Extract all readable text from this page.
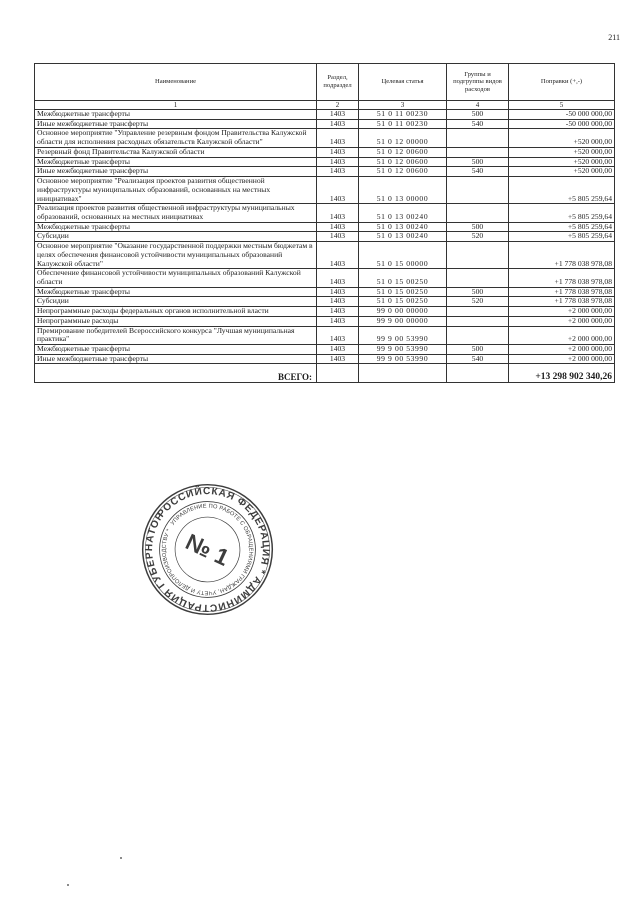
211
Наименование	Раздел, подраздел	Целевая статья	Группы и подгруппы видов расходов	Поправки (+,-)
1	2	3	4	5
Межбюджетные трансферты	1403	51 0 11 00230	500	-50 000 000,00
Иные межбюджетные трансферты	1403	51 0 11 00230	540	-50 000 000,00
Основное мероприятие "Управление резервным фондом Правительства Калужской области для исполнения расходных обязательств Калужской области"	1403	51 0 12 00000		+520 000,00
Резервный фонд Правительства Калужской области	1403	51 0 12 00600		+520 000,00
Межбюджетные трансферты	1403	51 0 12 00600	500	+520 000,00
Иные межбюджетные трансферты	1403	51 0 12 00600	540	+520 000,00
Основное мероприятие "Реализация проектов развития общественной инфраструктуры муниципальных образований, основанных на местных инициативах"	1403	51 0 13 00000		+5 805 259,64
Реализация проектов развития общественной инфраструктуры муниципальных образований, основанных на местных инициативах	1403	51 0 13 00240		+5 805 259,64
Межбюджетные трансферты	1403	51 0 13 00240	500	+5 805 259,64
Субсидии	1403	51 0 13 00240	520	+5 805 259,64
Основное мероприятие "Оказание государственной поддержки местным бюджетам в целях обеспечения финансовой устойчивости муниципальных образований Калужской области"	1403	51 0 15 00000		+1 778 038 978,08
Обеспечение финансовой устойчивости муниципальных образований Калужской области	1403	51 0 15 00250		+1 778 038 978,08
Межбюджетные трансферты	1403	51 0 15 00250	500	+1 778 038 978,08
Субсидии	1403	51 0 15 00250	520	+1 778 038 978,08
Непрограммные расходы федеральных органов исполнительной власти	1403	99 0 00 00000		+2 000 000,00
Непрограммные расходы	1403	99 9 00 00000		+2 000 000,00
Премирование победителей Всероссийского конкурса "Лучшая муниципальная практика"	1403	99 9 00 53990		+2 000 000,00
Межбюджетные трансферты	1403	99 9 00 53990	500	+2 000 000,00
Иные межбюджетные трансферты	1403	99 9 00 53990	540	+2 000 000,00
ВСЕГО:				+13 298 902 340,26
РОССИЙСКАЯ ФЕДЕРАЦИЯ * АДМИНИСТРАЦИЯ ГУБЕРНАТОРА
УПРАВЛЕНИЕ ПО РАБОТЕ С ОБРАЩЕНИЯМИ ГРАЖДАН, УЧЕТУ И ДЕЛОПРОИЗВОДСТВУ * № 1
